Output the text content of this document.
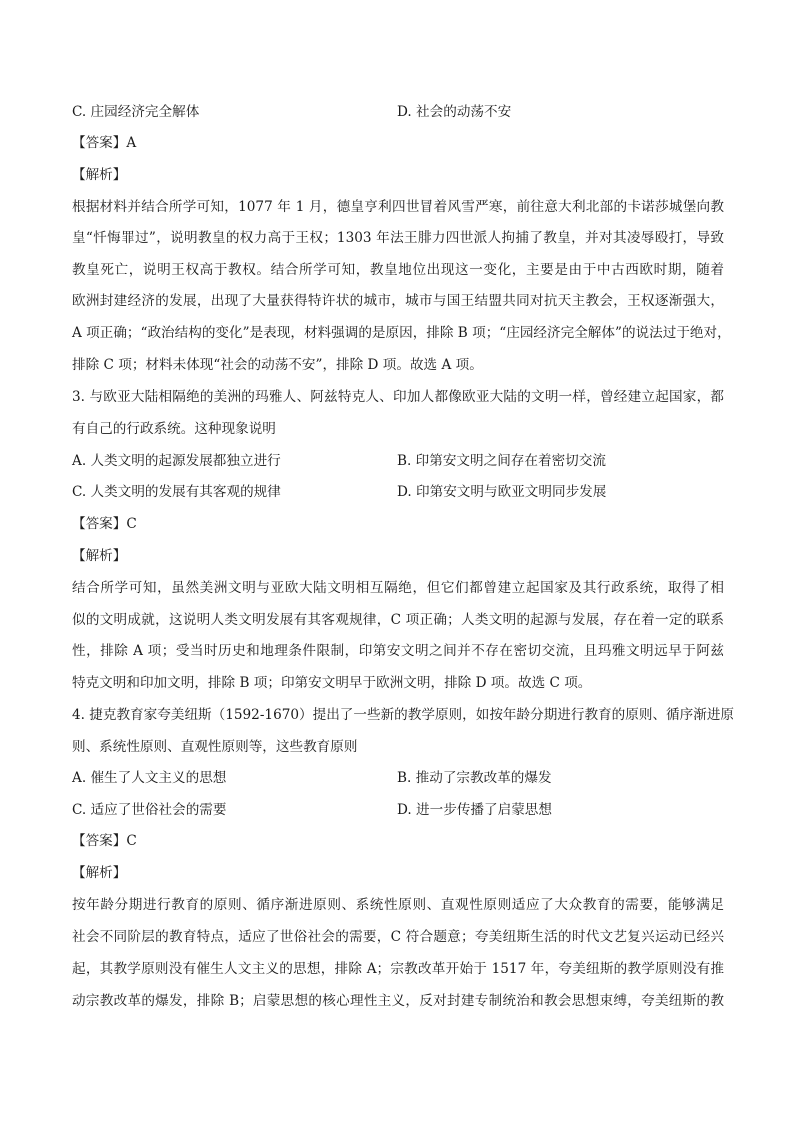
C. 庄园经济完全解体	D. 社会的动荡不安
【答案】A
【解析】
根据材料并结合所学可知，1077 年 1 月，德皇亨利四世冒着风雪严寒，前往意大利北部的卡诺莎城堡向教
皇“忏悔罪过”，说明教皇的权力高于王权；1303 年法王腓力四世派人拘捕了教皇，并对其凌辱殴打，导致
教皇死亡，说明王权高于教权。结合所学可知，教皇地位出现这一变化，主要是由于中古西欧时期，随着
欧洲封建经济的发展，出现了大量获得特许状的城市，城市与国王结盟共同对抗天主教会，王权逐渐强大，
A 项正确；“政治结构的变化”是表现，材料强调的是原因，排除 B 项；“庄园经济完全解体”的说法过于绝对，
排除 C 项；材料未体现“社会的动荡不安”，排除 D 项。故选 A 项。
3. 与欧亚大陆相隔绝的美洲的玛雅人、阿兹特克人、印加人都像欧亚大陆的文明一样，曾经建立起国家，都
有自己的行政系统。这种现象说明
A. 人类文明的起源发展都独立进行	B. 印第安文明之间存在着密切交流
C. 人类文明的发展有其客观的规律	D. 印第安文明与欧亚文明同步发展
【答案】C
【解析】
结合所学可知，虽然美洲文明与亚欧大陆文明相互隔绝，但它们都曾建立起国家及其行政系统，取得了相
似的文明成就，这说明人类文明发展有其客观规律，C 项正确；人类文明的起源与发展，存在着一定的联系
性，排除 A 项；受当时历史和地理条件限制，印第安文明之间并不存在密切交流，且玛雅文明远早于阿兹
特克文明和印加文明，排除 B 项；印第安文明早于欧洲文明，排除 D 项。故选 C 项。
4. 捷克教育家夸美纽斯（1592-1670）提出了一些新的教学原则，如按年龄分期进行教育的原则、循序渐进原
则、系统性原则、直观性原则等，这些教育原则
A. 催生了人文主义的思想	B. 推动了宗教改革的爆发
C. 适应了世俗社会的需要	D. 进一步传播了启蒙思想
【答案】C
【解析】
按年龄分期进行教育的原则、循序渐进原则、系统性原则、直观性原则适应了大众教育的需要，能够满足
社会不同阶层的教育特点，适应了世俗社会的需要，C 符合题意；夸美纽斯生活的时代文艺复兴运动已经兴
起，其教学原则没有催生人文主义的思想，排除 A；宗教改革开始于 1517 年，夸美纽斯的教学原则没有推
动宗教改革的爆发，排除 B；启蒙思想的核心理性主义，反对封建专制统治和教会思想束缚，夸美纽斯的教
